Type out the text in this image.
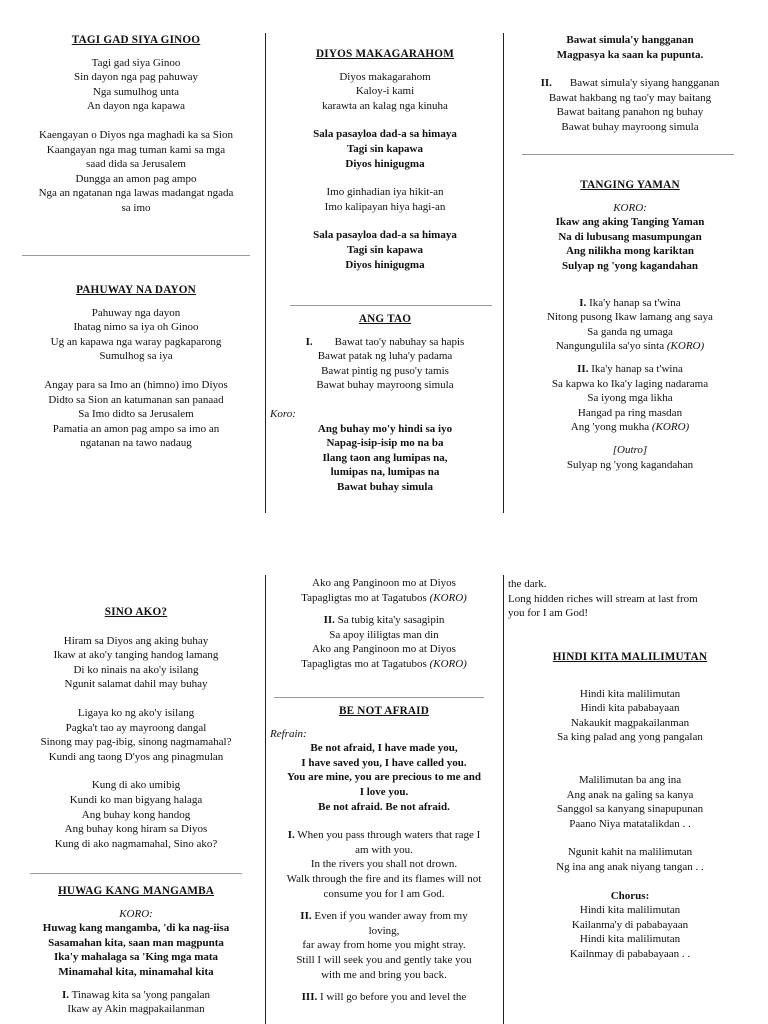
TAGI GAD SIYA GINOO

Tagi gad siya Ginoo

Sin dayon nga pag pahuway

Nga sumulhog unta

An dayon nga kapawa

Kaengayan o Diyos nga maghadi ka sa Sion

Kaangayan nga mag tuman kami sa mga

saad dida sa Jerusalem

Dungga an amon pag ampo

Nga an ngatanan nga lawas madangat ngada

sa imo

PAHUWAY NA DAYON

Pahuway nga dayon

Ihatag nimo sa iya oh Ginoo

Ug an kapawa nga waray pagkaparong

Sumulhog sa iya

Angay para sa Imo an (himno) imo Diyos

Didto sa Sion an katumanan san panaad

Sa Imo didto sa Jerusalem

Pamatia an amon pag ampo sa imo an

ngatanan na tawo nadaug

DIYOS MAKAGARAHOM

Diyos makagarahom

Kaloy-i kami

karawta an kalag nga kinuha

Sala pasayloa dad-a sa himaya

Tagi sin kapawa

Diyos hinigugma

Imo ginhadian iya hikit-an

Imo kalipayan hiya hagi-an

Sala pasayloa dad-a sa himaya

Tagi sin kapawa

Diyos hinigugma

ANG TAO

I. Bawat tao'y nabuhay sa hapis

Bawat patak ng luha'y padama

Bawat pintig ng puso'y tamis

Bawat buhay mayroong simula

Koro:

Ang buhay mo'y hindi sa iyo

Napag-isip-isip mo na ba

Ilang taon ang lumipas na,

lumipas na, lumipas na

Bawat buhay simula

Bawat simula'y hangganan

Magpasya ka saan ka pupunta.

II. Bawat simula'y siyang hangganan

Bawat hakbang ng tao'y may baitang

Bawat baitang panahon ng buhay

Bawat buhay mayroong simula

TANGING YAMAN

KORO:

Ikaw ang aking Tanging Yaman

Na di lubusang masumpungan

Ang nilikha mong kariktan

Sulyap ng 'yong kagandahan

I. Ika'y hanap sa t'wina

Nitong pusong Ikaw lamang ang saya

Sa ganda ng umaga

Nangungulila sa'yo sinta (KORO)

II. Ika'y hanap sa t'wina

Sa kapwa ko Ika'y laging nadarama

Sa iyong mga likha

Hangad pa ring masdan

Ang 'yong mukha (KORO)

[Outro]

Sulyap ng 'yong kagandahan

SINO AKO?

Hiram sa Diyos ang aking buhay

Ikaw at ako'y tanging handog lamang

Di ko ninais na ako'y isilang

Ngunit salamat dahil may buhay

Ligaya ko ng ako'y isilang

Pagka't tao ay mayroong dangal

Sinong may pag-ibig, sinong nagmamahal?

Kundi ang taong D'yos ang pinagmulan

Kung di ako umibig

Kundi ko man bigyang halaga

Ang buhay kong handog

Ang buhay kong hiram sa Diyos

Kung di ako nagmamahal, Sino ako?

HUWAG KANG MANGAMBA

KORO:

Huwag kang mangamba, 'di ka nag-iisa

Sasamahan kita, saan man magpunta

Ika'y mahalaga sa 'King mga mata

Minamahal kita, minamahal kita

I. Tinawag kita sa 'yong pangalan

Ikaw ay Akin magpakailanman

Ako ang Panginoon mo at Diyos

Tapagligtas mo at Tagatubos (KORO)

II. Sa tubig kita'y sasagipin

Sa apoy ililigtas man din

Ako ang Panginoon mo at Diyos

Tapagligtas mo at Tagatubos (KORO)

BE NOT AFRAID

Refrain:

Be not afraid, I have made you,

I have saved you, I have called you.

You are mine, you are precious to me and

I love you.

Be not afraid. Be not afraid.

I. When you pass through waters that rage I

am with you.

In the rivers you shall not drown.

Walk through the fire and its flames will not

consume you for I am God.

II. Even if you wander away from my

loving,

far away from home you might stray.

Still I will seek you and gently take you

with me and bring you back.

III. I will go before you and level the

the dark.

Long hidden riches will stream at last from

you for I am God!

HINDI KITA MALILIMUTAN

Hindi kita malilimutan

Hindi kita pababayaan

Nakaukit magpakailanman

Sa king palad ang yong pangalan

Malilimutan ba ang ina

Ang anak na galing sa kanya

Sanggol sa kanyang sinapupunan

Paano Niya matatalikdan . .

Ngunit kahit na malilimutan

Ng ina ang anak niyang tangan . .

Chorus:

Hindi kita malilimutan

Kailanma'y di pababayaan

Hindi kita malilimutan

Kailnmay di pababayaan . .
